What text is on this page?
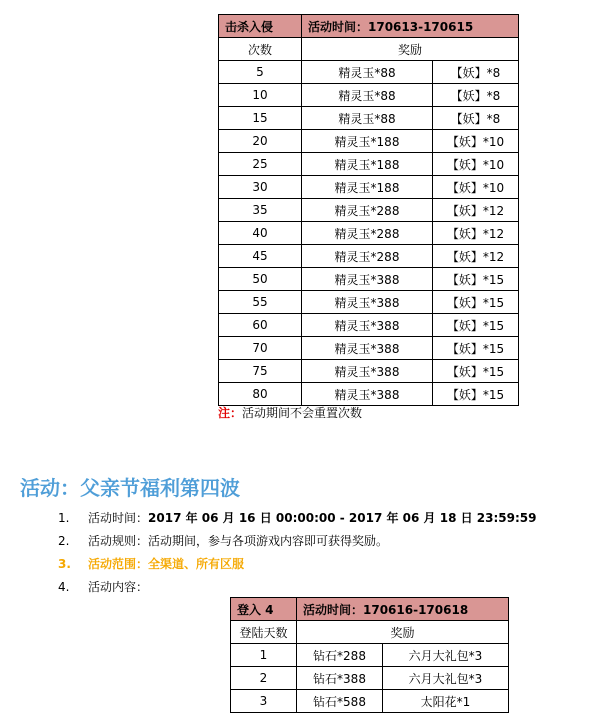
击杀入侵	活动时间：170613-170615	
次数	奖励	
5	精灵玉*88	【妖】*8
10	精灵玉*88	【妖】*8
15	精灵玉*88	【妖】*8
20	精灵玉*188	【妖】*10
25	精灵玉*188	【妖】*10
30	精灵玉*188	【妖】*10
35	精灵玉*288	【妖】*12
40	精灵玉*288	【妖】*12
45	精灵玉*288	【妖】*12
50	精灵玉*388	【妖】*15
55	精灵玉*388	【妖】*15
60	精灵玉*388	【妖】*15
70	精灵玉*388	【妖】*15
75	精灵玉*388	【妖】*15
80	精灵玉*388	【妖】*15
注：活动期间不会重置次数
活动：父亲节福利第四波
1.	活动时间： 2017 年 06 月 16 日 00:00:00 - 2017 年 06 月 18 日 23:59:59
2.	活动规则： 活动期间，参与各项游戏内容即可获得奖励。
3.	活动范围： 全渠道、所有区服
4.	活动内容：
登入 4	活动时间：170616-170618	
登陆天数	奖励	
1	钻石*288	六月大礼包*3
2	钻石*388	六月大礼包*3
3	钻石*588	太阳花*1
